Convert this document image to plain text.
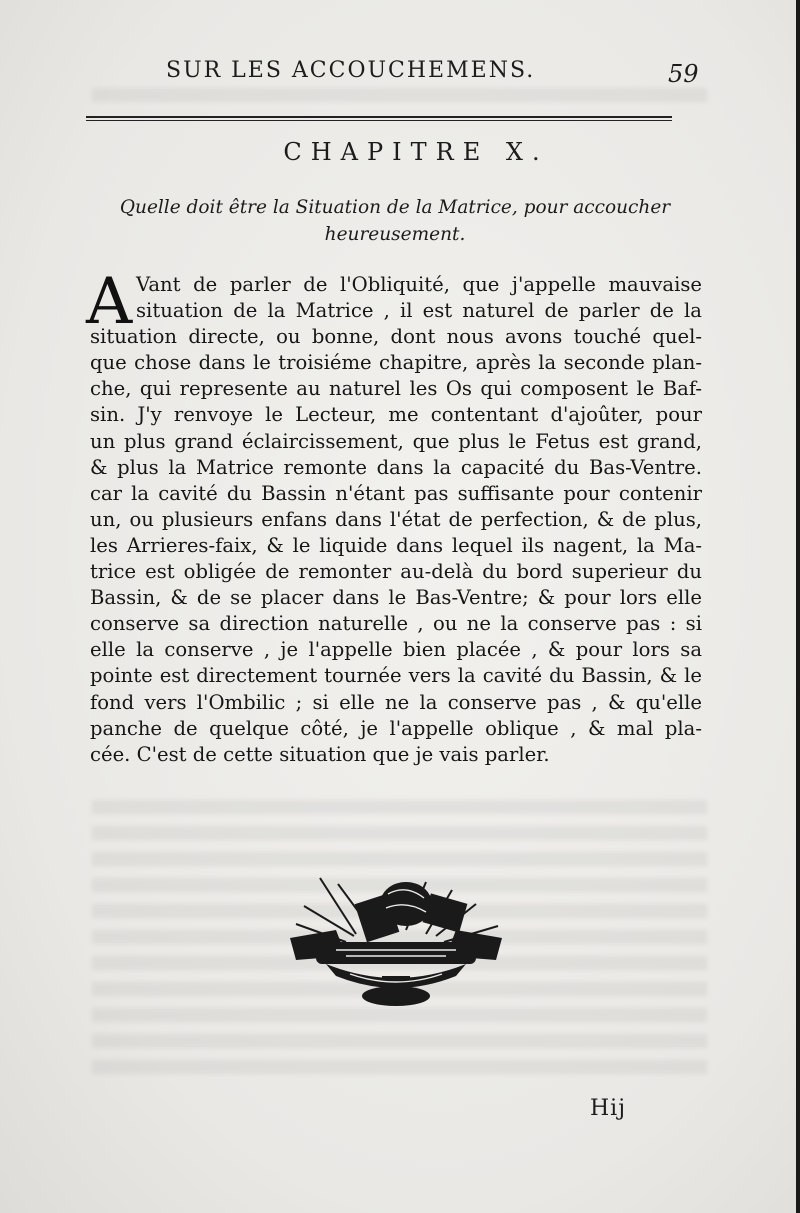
SUR LES ACCOUCHEMENS.	59
CHAPITRE X.
Quelle doit être la Situation de la Matrice, pour accoucher heureusement.
A Vant de parler de l'Obliquité, que j'appelle mauvaise
situation de la Matrice , il est naturel de parler de la
situation directe, ou bonne, dont nous avons touché quel-
que chose dans le troisiéme chapitre, après la seconde plan-
che, qui represente au naturel les Os qui composent le Baf-
sin. J'y renvoye le Lecteur, me contentant d'ajoûter, pour
un plus grand éclaircissement, que plus le Fetus est grand,
& plus la Matrice remonte dans la capacité du Bas-Ventre.
car la cavité du Bassin n'étant pas suffisante pour contenir
un, ou plusieurs enfans dans l'état de perfection, & de plus,
les Arrieres-faix, & le liquide dans lequel ils nagent, la Ma-
trice est obligée de remonter au-delà du bord superieur du
Bassin, & de se placer dans le Bas-Ventre; & pour lors elle
conserve sa direction naturelle , ou ne la conserve pas : si
elle la conserve , je l'appelle bien placée , & pour lors sa
pointe est directement tournée vers la cavité du Bassin, & le
fond vers l'Ombilic ; si elle ne la conserve pas , & qu'elle
panche de quelque côté, je l'appelle oblique , & mal pla-
cée. C'est de cette situation que je vais parler.
Hij
